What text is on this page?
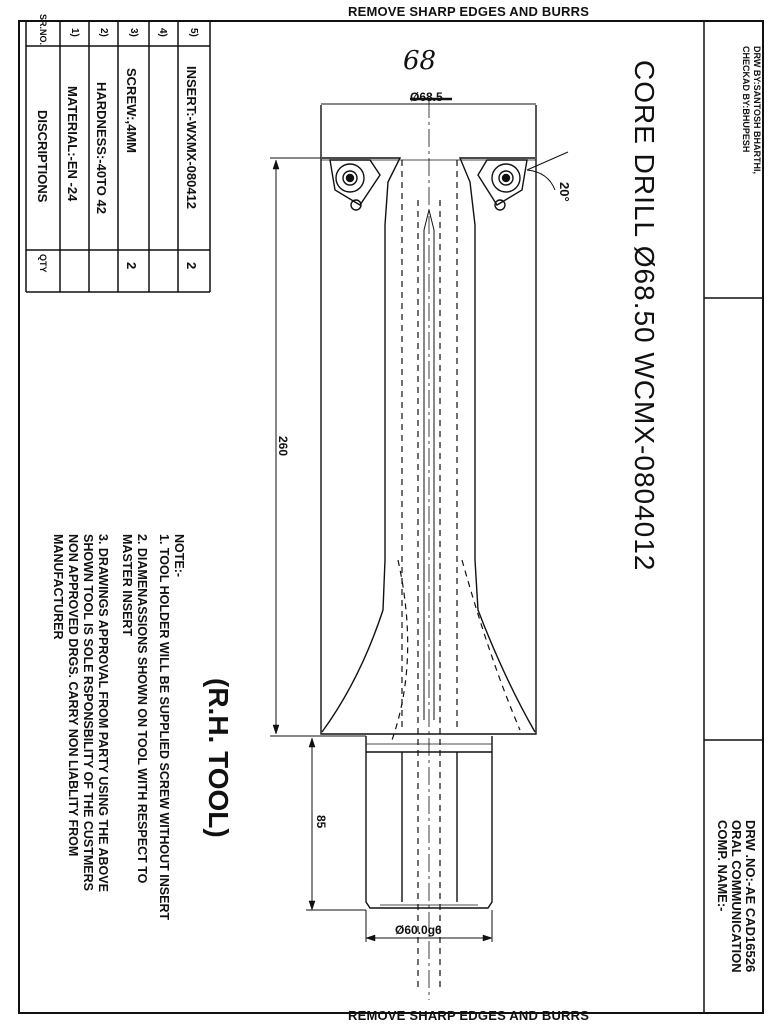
REMOVE SHARP EDGES AND BURRS
REMOVE SHARP EDGES AND BURRS
SR.NO.
DISCRIPTIONS
QTY
1)
MATERIAL:-EN -24
2)
HARDNESS:-40TO 42
3)
SCREW:,4MM
2
4) 5)
INSERT:-WXMX-080412
2
DRW BY:SANTOSH BHARTHI,
CHECKAD BY:BHUPESH
DRW .NO:-AE CAD16526
ORAL COMMUNICATION
COMP. NAME:-
CORE DRILL Ø68.50 WCMX-0804012
NOTE:-
1. TOOL HOLDER WILL BE SUPPLIED SCREW WITHOUT INSERT
2. DIAMENASSIONS SHOWN ON TOOL WITH RESPECT TO
MASTER INSERT
3. DRAWINGS APPROVAL FROM PARTY USING THE ABOVE
SHOWN TOOL IS SOLE RSPONSBILITY OF THE CUSTMERS
NON APPROVED DRGS. CARRY NON LIABLITY FROM
MANUFACTURER
(R.H. TOOL)
68
Ø68.5
20°
260
85
Ø60.0g6
